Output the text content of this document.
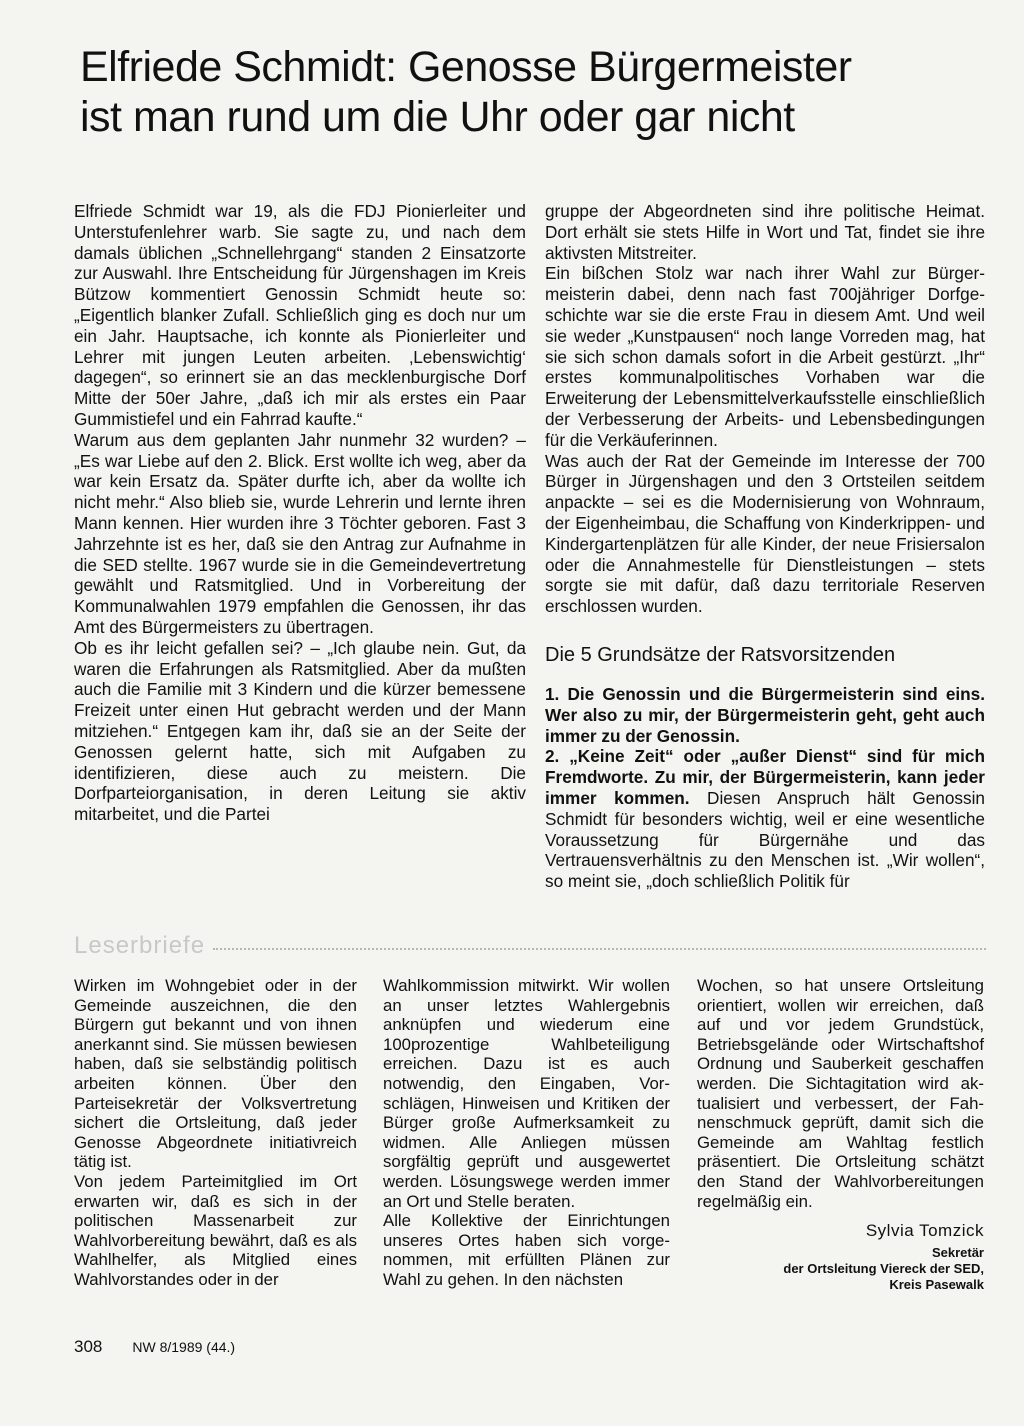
Elfriede Schmidt: Genosse Bürgermeister
ist man rund um die Uhr oder gar nicht

Elfriede Schmidt war 19, als die FDJ Pionierleiter und Unterstufenlehrer warb. Sie sagte zu, und nach dem damals üblichen „Schnellehrgang“ standen 2 Einsatzorte zur Auswahl. Ihre Entscheidung für Jürgenshagen im Kreis Bützow kommentiert Genossin Schmidt heute so: „Eigentlich blanker Zufall. Schließlich ging es doch nur um ein Jahr. Hauptsache, ich konnte als Pionierleiter und Lehrer mit jungen Leuten arbeiten. ‚Lebenswichtig‘ dagegen“, so erinnert sie an das mecklenburgische Dorf Mitte der 50er Jahre, „daß ich mir als erstes ein Paar Gummistiefel und ein Fahrrad kaufte.“

Warum aus dem geplanten Jahr nunmehr 32 wurden? – „Es war Liebe auf den 2. Blick. Erst wollte ich weg, aber da war kein Ersatz da. Später durfte ich, aber da wollte ich nicht mehr.“ Also blieb sie, wurde Lehrerin und lernte ihren Mann kennen. Hier wurden ihre 3 Töchter geboren. Fast 3 Jahrzehnte ist es her, daß sie den Antrag zur Aufnahme in die SED stellte. 1967 wurde sie in die Gemeindevertretung gewählt und Ratsmitglied. Und in Vorbereitung der Kommunalwahlen 1979 empfahlen die Genossen, ihr das Amt des Bürgermeisters zu übertragen.

Ob es ihr leicht gefallen sei? – „Ich glaube nein. Gut, da waren die Erfahrungen als Ratsmitglied. Aber da mußten auch die Familie mit 3 Kindern und die kürzer bemessene Freizeit unter einen Hut gebracht werden und der Mann mitziehen.“ Entgegen kam ihr, daß sie an der Seite der Genossen gelernt hatte, sich mit Aufgaben zu identifizieren, diese auch zu meistern. Die Dorfparteiorganisation, in deren Leitung sie aktiv mitarbeitet, und die Partei

gruppe der Abgeordneten sind ihre politische Heimat. Dort erhält sie stets Hilfe in Wort und Tat, findet sie ihre aktivsten Mitstreiter.

Ein bißchen Stolz war nach ihrer Wahl zur Bürgermeisterin dabei, denn nach fast 700jähriger Dorfgeschichte war sie die erste Frau in diesem Amt. Und weil sie weder „Kunstpausen“ noch lange Vorreden mag, hat sie sich schon damals sofort in die Arbeit gestürzt. „Ihr“ erstes kommunalpolitisches Vorhaben war die Erweiterung der Lebensmittelverkaufsstelle einschließlich der Verbesserung der Arbeits- und Lebensbedingungen für die Verkäuferinnen.

Was auch der Rat der Gemeinde im Interesse der 700 Bürger in Jürgenshagen und den 3 Ortsteilen seitdem anpackte – sei es die Modernisierung von Wohnraum, der Eigenheimbau, die Schaffung von Kinderkrippen- und Kindergartenplätzen für alle Kinder, der neue Frisiersalon oder die Annahmestelle für Dienstleistungen – stets sorgte sie mit dafür, daß dazu territoriale Reserven erschlossen wurden.

Die 5 Grundsätze der Ratsvorsitzenden

1. Die Genossin und die Bürgermeisterin sind eins. Wer also zu mir, der Bürgermeisterin geht, geht auch immer zu der Genossin.

2. „Keine Zeit“ oder „außer Dienst“ sind für mich Fremdworte. Zu mir, der Bürgermeisterin, kann jeder immer kommen. Diesen Anspruch hält Genossin Schmidt für besonders wichtig, weil er eine wesentliche Voraussetzung für Bürgernähe und das Vertrauensverhältnis zu den Menschen ist. „Wir wollen“, so meint sie, „doch schließlich Politik für

Leserbriefe

Wirken im Wohngebiet oder in der Gemeinde auszeichnen, die den Bürgern gut bekannt und von ihnen anerkannt sind. Sie müssen bewiesen haben, daß sie selbständig politisch arbeiten können. Über den Parteisekretär der Volksvertretung sichert die Ortsleitung, daß jeder Genosse Abgeordnete initiativreich tätig ist.

Von jedem Parteimitglied im Ort erwarten wir, daß es sich in der politischen Massenarbeit zur Wahlvorbereitung bewährt, daß es als Wahlhelfer, als Mitglied eines Wahlvorstandes oder in der

Wahlkommission mitwirkt. Wir wollen an unser letztes Wahlergebnis anknüpfen und wiederum eine 100prozentige Wahlbeteiligung erreichen. Dazu ist es auch notwendig, den Eingaben, Vorschlägen, Hinweisen und Kritiken der Bürger große Aufmerksamkeit zu widmen. Alle Anliegen müssen sorgfältig geprüft und ausgewertet werden. Lösungswege werden immer an Ort und Stelle beraten.

Alle Kollektive der Einrichtungen unseres Ortes haben sich vorgenommen, mit erfüllten Plänen zur Wahl zu gehen. In den nächsten

Wochen, so hat unsere Ortsleitung orientiert, wollen wir erreichen, daß auf und vor jedem Grundstück, Betriebsgelände oder Wirtschaftshof Ordnung und Sauberkeit geschaffen werden. Die Sichtagitation wird aktualisiert und verbessert, der Fahnenschmuck geprüft, damit sich die Gemeinde am Wahltag festlich präsentiert. Die Ortsleitung schätzt den Stand der Wahlvorbereitungen regelmäßig ein.

Sylvia Tomzick

Sekretär
der Ortsleitung Viereck der SED,
Kreis Pasewalk

308 NW 8/1989 (44.)
